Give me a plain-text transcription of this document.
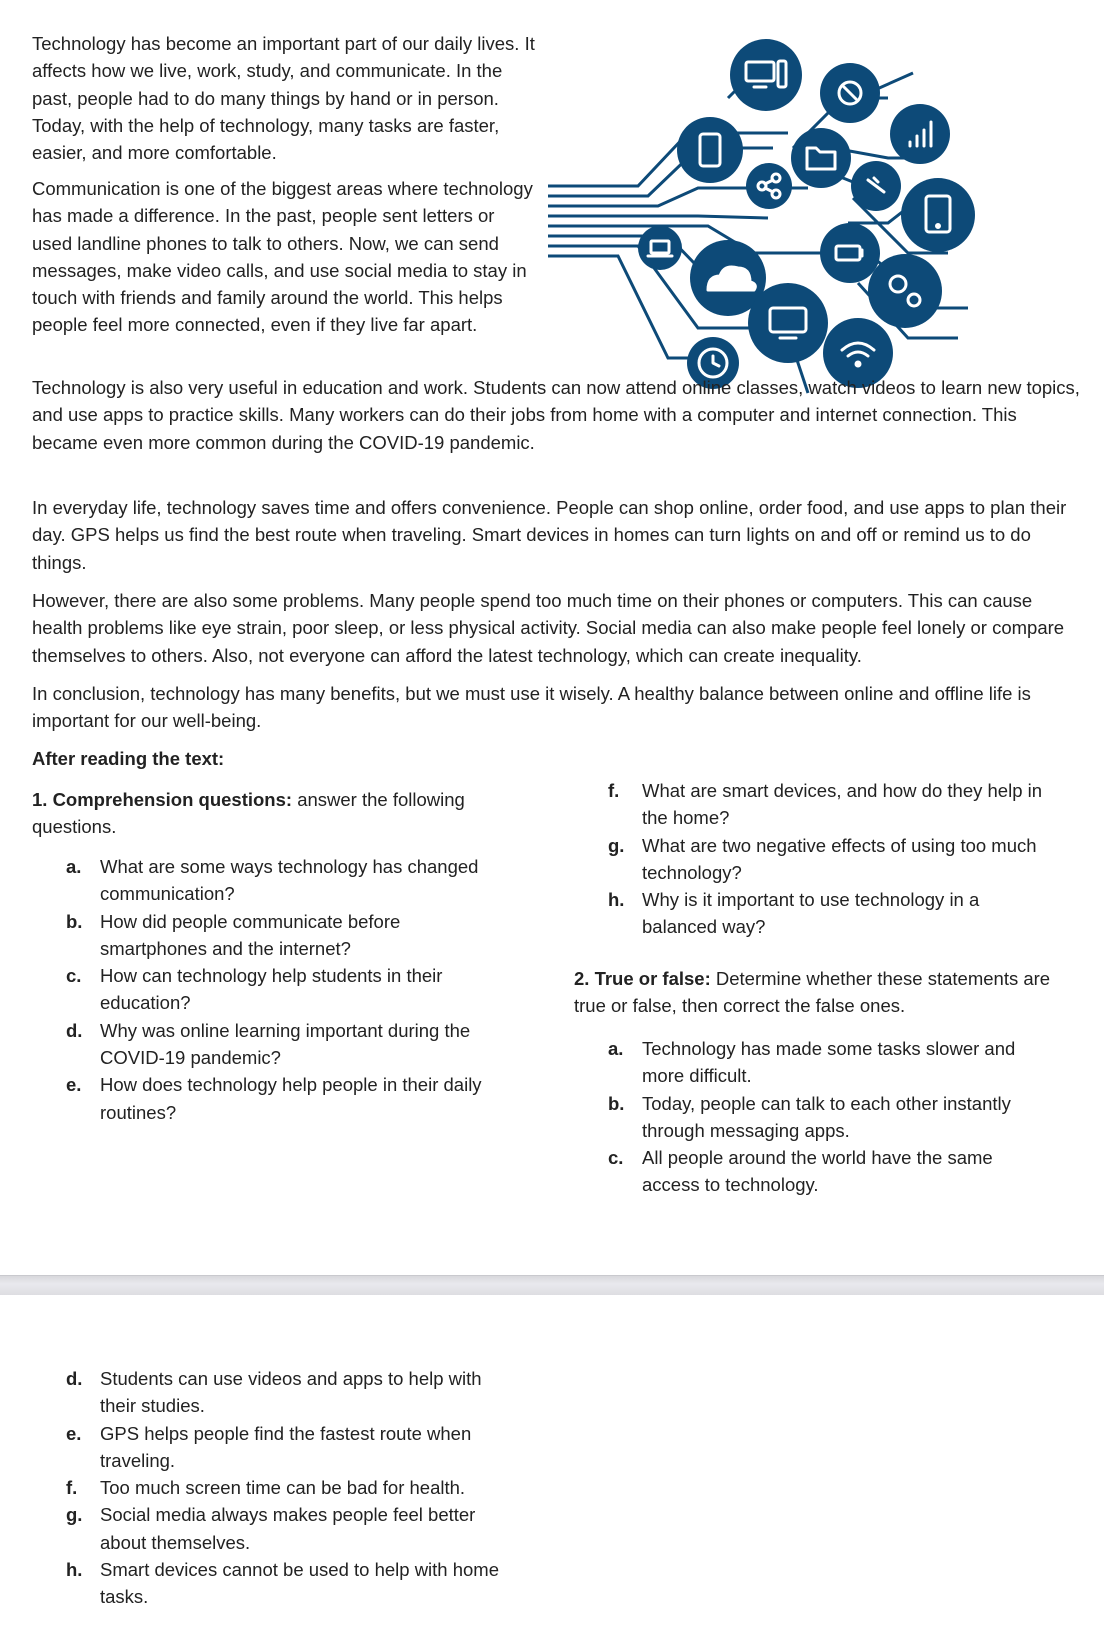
Technology has become an important part of our daily lives. It affects how we live, work, study, and communicate. In the past, people had to do many things by hand or in person. Today, with the help of technology, many tasks are faster, easier, and more comfortable.

Communication is one of the biggest areas where technology has made a difference. In the past, people sent letters or used landline phones to talk to others. Now, we can send messages, make video calls, and use social media to stay in touch with friends and family around the world. This helps people feel more connected, even if they live far apart.

Technology is also very useful in education and work. Students can now attend online classes, watch videos to learn new topics, and use apps to practice skills. Many workers can do their jobs from home with a computer and internet connection. This became even more common during the COVID-19 pandemic.

In everyday life, technology saves time and offers convenience. People can shop online, order food, and use apps to plan their day. GPS helps us find the best route when traveling. Smart devices in homes can turn lights on and off or remind us to do things.

However, there are also some problems. Many people spend too much time on their phones or computers. This can cause health problems like eye strain, poor sleep, or less physical activity. Social media can also make people feel lonely or compare themselves to others. Also, not everyone can afford the latest technology, which can create inequality.

In conclusion, technology has many benefits, but we must use it wisely. A healthy balance between online and offline life is important for our well-being.

After reading the text:
1. Comprehension questions: answer the following questions.
a.	What are some ways technology has changed communication?
b. How did people communicate before smartphones and the internet?
c.	How can technology help students in their education?
d. Why was online learning important during the COVID-19 pandemic?
e.	How does technology help people in their daily routines?
f.	What are smart devices, and how do they help in the home?
g. What are two negative effects of using too much technology?
h. Why is it important to use technology in a balanced way?
2. True or false: Determine whether these statements are true or false, then correct the false ones.
a.	Technology has made some tasks slower and more difficult.
b. Today, people can talk to each other instantly through messaging apps.
c.	All people around the world have the same access to technology.
d. Students can use videos and apps to help with their studies.
e.	GPS helps people find the fastest route when traveling.
f.	Too much screen time can be bad for health.
g. Social media always makes people feel better about themselves.
h. Smart devices cannot be used to help with home tasks.
